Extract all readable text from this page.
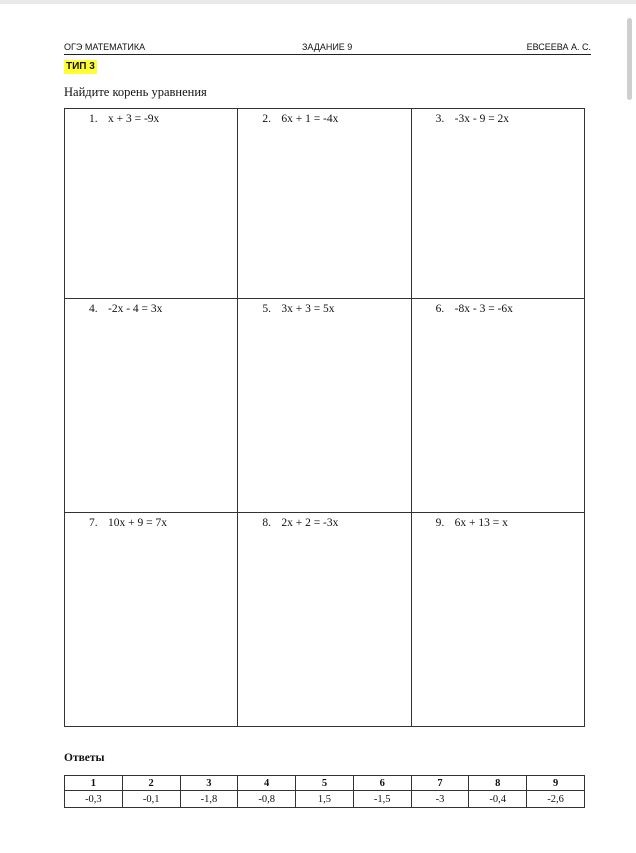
ОГЭ МАТЕМАТИКА	ЗАДАНИЕ 9	ЕВСЕЕВА А. С.
ТИП 3
Найдите корень уравнения
1. x + 3 = -9x	2. 6x + 1 = -4x	3. -3x - 9 = 2x

4. -2x - 4 = 3x	5. 3x + 3 = 5x	6. -8x - 3 = -6x

7. 10x + 9 = 7x	8. 2x + 2 = -3x	9. 6x + 13 = x
Ответы
1	2	3	4	5	6	7	8	9
-0,3	-0,1	-1,8	-0,8	1,5	-1,5	-3	-0,4	-2,6
